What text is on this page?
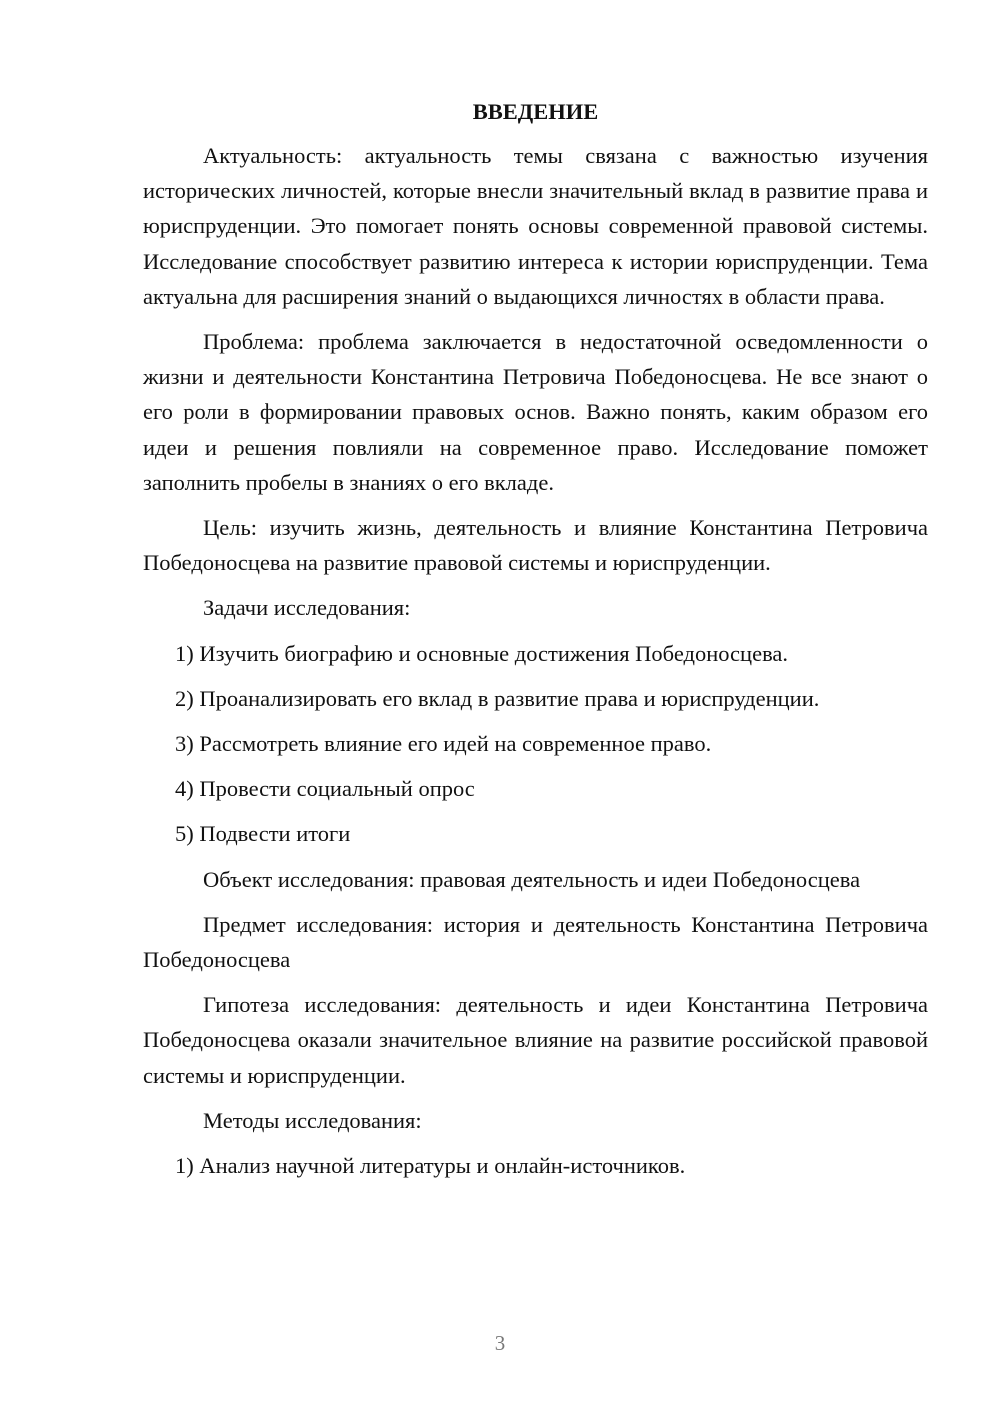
ВВЕДЕНИЕ

Актуальность: актуальность темы связана с важностью изучения исторических личностей, которые внесли значительный вклад в развитие права и юриспруденции. Это помогает понять основы современной правовой системы. Исследование способствует развитию интереса к истории юриспруденции. Тема актуальна для расширения знаний о выдающихся личностях в области права.

Проблема: проблема заключается в недостаточной осведомленности о жизни и деятельности Константина Петровича Победоносцева. Не все знают о его роли в формировании правовых основ. Важно понять, каким образом его идеи и решения повлияли на современное право. Исследование поможет заполнить пробелы в знаниях о его вкладе.

Цель: изучить жизнь, деятельность и влияние Константина Петровича Победоносцева на развитие правовой системы и юриспруденции.

Задачи исследования:

1) Изучить биографию и основные достижения Победоносцева.

2) Проанализировать его вклад в развитие права и юриспруденции.

3) Рассмотреть влияние его идей на современное право.

4) Провести социальный опрос

5) Подвести итоги

Объект исследования: правовая деятельность и идеи Победоносцева

Предмет исследования: история и деятельность Константина Петровича Победоносцева

Гипотеза исследования: деятельность и идеи Константина Петровича Победоносцева оказали значительное влияние на развитие российской правовой системы и юриспруденции.

Методы исследования:

1) Анализ научной литературы и онлайн-источников.

3
